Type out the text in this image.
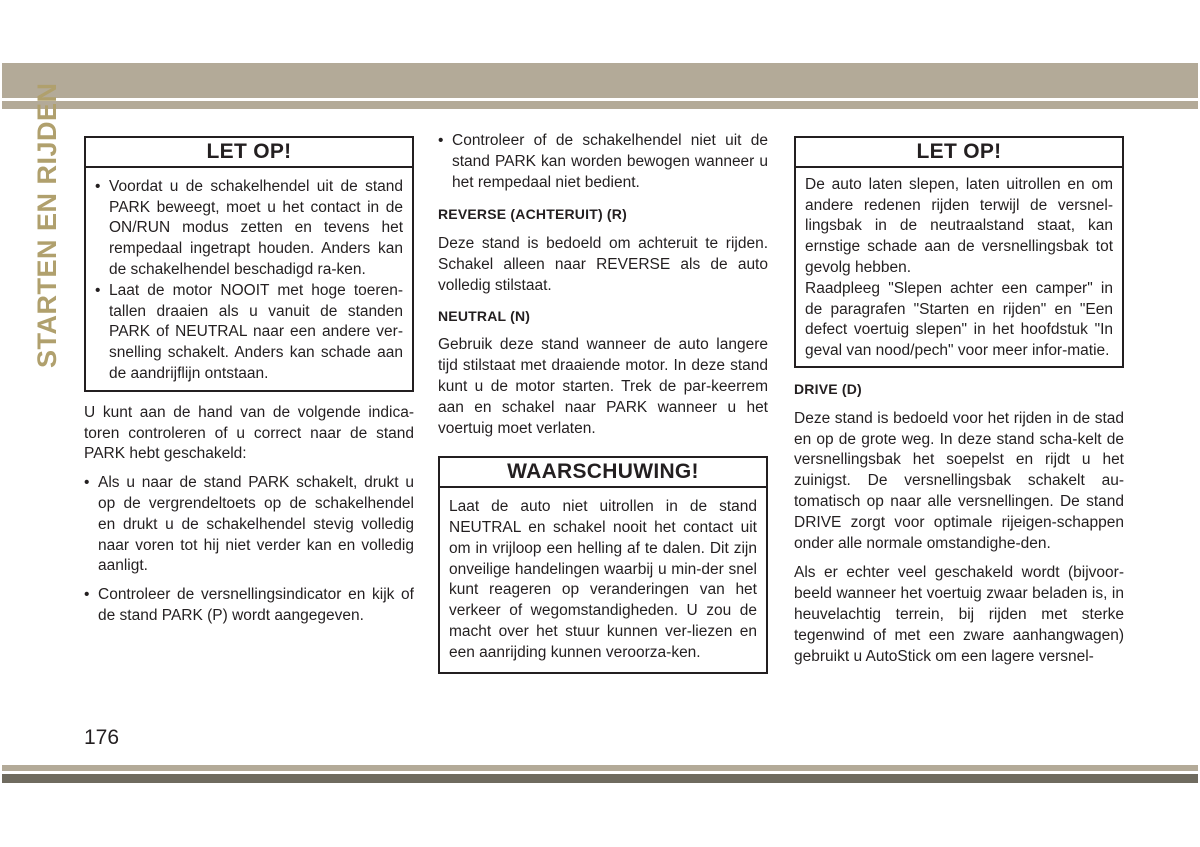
STARTEN EN RIJDEN	LET OP!
• Voordat u de schakelhendel uit de stand PARK beweegt, moet u het contact in de ON/RUN modus zetten en tevens het rempedaal ingetrapt houden. Anders kan de schakelhendel beschadigd ra-ken.
• Laat de motor NOOIT met hoge toeren-tallen draaien als u vanuit de standen PARK of NEUTRAL naar een andere ver-snelling schakelt. Anders kan schade aan de aandrijflijn ontstaan.

U kunt aan de hand van de volgende indica-toren controleren of u correct naar de stand PARK hebt geschakeld:

• Als u naar de stand PARK schakelt, drukt u op de vergrendeltoets op de schakelhendel en drukt u de schakelhendel stevig volledig naar voren tot hij niet verder kan en volledig aanligt.
• Controleer de versnellingsindicator en kijk of de stand PARK (P) wordt aangegeven.
• Controleer of de schakelhendel niet uit de stand PARK kan worden bewogen wanneer u het rempedaal niet bedient.

REVERSE (ACHTERUIT) (R)

Deze stand is bedoeld om achteruit te rijden. Schakel alleen naar REVERSE als de auto volledig stilstaat.

NEUTRAL (N)

Gebruik deze stand wanneer de auto langere tijd stilstaat met draaiende motor. In deze stand kunt u de motor starten. Trek de par-keerrem aan en schakel naar PARK wanneer u het voertuig moet verlaten.

WAARSCHUWING!
Laat de auto niet uitrollen in de stand NEUTRAL en schakel nooit het contact uit om in vrijloop een helling af te dalen. Dit zijn onveilige handelingen waarbij u min-der snel kunt reageren op veranderingen van het verkeer of wegomstandigheden. U zou de macht over het stuur kunnen ver-liezen en een aanrijding kunnen veroorza-ken.
LET OP!

De auto laten slepen, laten uitrollen en om andere redenen rijden terwijl de versnel-lingsbak in de neutraalstand staat, kan ernstige schade aan de versnellingsbak tot gevolg hebben.

Raadpleeg "Slepen achter een camper" in de paragrafen "Starten en rijden" en "Een defect voertuig slepen" in het hoofdstuk "In geval van nood/pech" voor meer infor-matie.

DRIVE (D)

Deze stand is bedoeld voor het rijden in de stad en op de grote weg. In deze stand scha-kelt de versnellingsbak het soepelst en rijdt u het zuinigst. De versnellingsbak schakelt au-tomatisch op naar alle versnellingen. De stand DRIVE zorgt voor optimale rijeigen-schappen onder alle normale omstandighe-den.

Als er echter veel geschakeld wordt (bijvoor-beeld wanneer het voertuig zwaar beladen is, in heuvelachtig terrein, bij rijden met sterke tegenwind of met een zware aanhangwagen) gebruikt u AutoStick om een lagere versnel-

176
